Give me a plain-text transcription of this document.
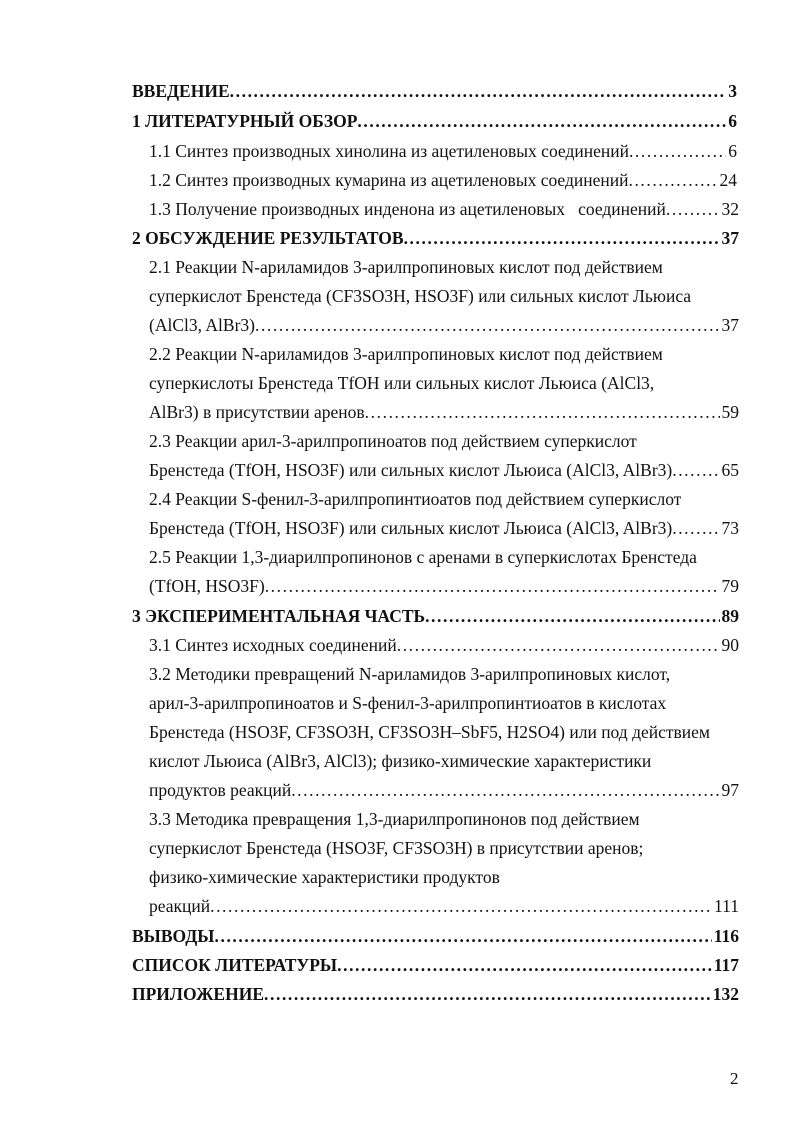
ВВЕДЕНИЕ .....	3
1 ЛИТЕРАТУРНЫЙ ОБЗОР .....	6
1.1 Синтез производных хинолина из ацетиленовых соединений .....	6
1.2 Синтез производных кумарина из ацетиленовых соединений .....	24
1.3 Получение производных инденона из ацетиленовых   соединений .....	32
2 ОБСУЖДЕНИЕ РЕЗУЛЬТАТОВ .....	37
2.1 Реакции N-ариламидов 3-арилпропиновых кислот под действием
суперкислот Бренстеда (CF3SO3H, HSO3F) или сильных кислот Льюиса
(AlCl3, AlBr3) .....	37
2.2 Реакции N-ариламидов 3-арилпропиновых кислот под действием
суперкислоты Бренстеда TfOH или сильных кислот Льюиса (AlCl3,
AlBr3) в присутствии аренов .....	59
2.3 Реакции арил-3-арилпропиноатов под действием суперкислот
Бренстеда (TfOH, HSO3F) или сильных кислот Льюиса (AlCl3, AlBr3) .....	65
2.4 Реакции S-фенил-3-арилпропинтиоатов под действием суперкислот
Бренстеда (TfOH, HSO3F) или сильных кислот Льюиса (AlCl3, AlBr3) .....	73
2.5 Реакции 1,3-диарилпропинонов с аренами в суперкислотах Бренстеда
(TfOH, HSO3F) .....	79
3 ЭКСПЕРИМЕНТАЛЬНАЯ ЧАСТЬ .....	89
3.1 Синтез исходных соединений .....	90
3.2 Методики превращений N-ариламидов 3-арилпропиновых кислот,
арил-3-арилпропиноатов и S-фенил-3-арилпропинтиоатов в кислотах
Бренстеда (HSO3F, CF3SO3H, CF3SO3H–SbF5, H2SO4) или под действием
кислот Льюиса (AlBr3, AlCl3); физико-химические характеристики
продуктов реакций .....	97
3.3 Методика превращения 1,3-диарилпропинонов под действием
суперкислот Бренстеда (HSO3F, CF3SO3H) в присутствии аренов;
физико-химические характеристики продуктов
реакций .....	111
ВЫВОДЫ .....	116
СПИСОК ЛИТЕРАТУРЫ .....	117
ПРИЛОЖЕНИЕ .....	132
2
